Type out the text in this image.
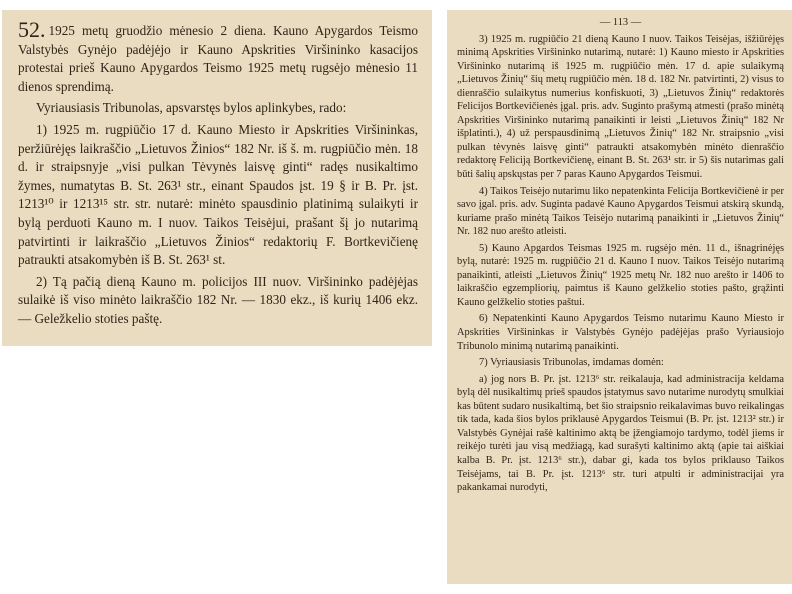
52. 1925 metų gruodžio mėnesio 2 diena. Kauno Apygardos Teismo Valstybės Gynėjo padėjėjo ir Kauno Apskrities Viršininko kasacijos protestai prieš Kauno Apygardos Teismo 1925 metų rugsėjo mėnesio 11 dienos sprendimą.

Vyriausiasis Tribunolas, apsvarstęs bylos aplinkybes, rado:

1) 1925 m. rugpiūčio 17 d. Kauno Miesto ir Apskrities Viršininkas, peržiūrėjęs laikraščio „Lietuvos Žinios“ 182 Nr. iš š. m. rugpiūčio mėn. 18 d. ir straipsnyje „visi pulkan Tėvynės laisvę ginti“ radęs nusikaltimo žymes, numatytas B. St. 263¹ str., einant Spaudos įst. 19 § ir B. Pr. įst. 1213¹⁰ ir 1213¹⁵ str. str. nutarė: minėto spausdinio platinimą sulaikyti ir bylą perduoti Kauno m. I nuov. Taikos Teisėjui, prašant šį jo nutarimą patvirtinti ir laikraščio „Lietuvos Žinios“ redaktorių F. Bortkevičienę patraukti atsakomybėn iš B. St. 263¹ st.

2) Tą pačią dieną Kauno m. policijos III nuov. Viršininko padėjėjas sulaikė iš viso minėto laikraščio 182 Nr. — 1830 ekz., iš kurių 1406 ekz. — Geležkelio stoties paštę.

— 113 —

3) 1925 m. rugpiūčio 21 dieną Kauno I nuov. Taikos Teisėjas, išžiūrėjęs minimą Apskrities Viršininko nutarimą, nutarė: 1) Kauno miesto ir Apskrities Viršininko nutarimą iš 1925 m. rugpiūčio mėn. 17 d. apie sulaikymą „Lietuvos Žinių“ šių metų rugpiūčio mėn. 18 d. 182 Nr. patvirtinti, 2) visus to dienraščio sulaikytus numerius konfiskuoti, 3) „Lietuvos Žinių“ redaktorės Felicijos Bortkevičienės įgal. pris. adv. Suginto prašymą atmesti (prašo minėtą Apskrities Viršininko nutarimą panaikinti ir leisti „Lietuvos Žinių“ 182 Nr išplatinti.), 4) už perspausdinimą „Lietuvos Žinių“ 182 Nr. straipsnio „visi pulkan tėvynės laisvę ginti“ patraukti atsakomybėn minėto dienraščio redaktorę Feliciją Bortkevičienę, einant B. St. 263¹ str. ir 5) šis nutarimas gali būti šalių apskųstas per 7 paras Kauno Apygardos Teismui.

4) Taikos Teisėjo nutarimu liko nepatenkinta Felicija Bortkevičienė ir per savo įgal. pris. adv. Suginta padavė Kauno Apygardos Teismui atskirą skundą, kuriame prašo minėtą Taikos Teisėjo nutarimą panaikinti ir „Lietuvos Žinių“ Nr. 182 nuo arešto atleisti.

5) Kauno Apgardos Teismas 1925 m. rugsėjo mėn. 11 d., išnagrinėjęs bylą, nutarė: 1925 m. rugpiūčio 21 d. Kauno I nuov. Taikos Teisėjo nutarimą panaikinti, atleisti „Lietuvos Žinių“ 1925 metų Nr. 182 nuo arešto ir 1406 to laikraščio egzempliorių, paimtus iš Kauno gelžkelio stoties pašto, grąžinti Kauno gelžkelio stoties paštui.

6) Nepatenkinti Kauno Apygardos Teismo nutarimu Kauno Miesto ir Apskrities Viršininkas ir Valstybės Gynėjo padėjėjas prašo Vyriausiojo Tribunolo minimą nutarimą panaikinti.

7) Vyriausiasis Tribunolas, imdamas domėn:

a) jog nors B. Pr. įst. 1213⁶ str. reikalauja, kad administracija keldama bylą dėl nusikaltimų prieš spaudos įstatymus savo nutarime nurodytų smulkiai kas būtent sudaro nusikaltimą, bet šio straipsnio reikalavimas buvo reikalingas tik tada, kada šios bylos priklausė Apygardos Teismui (B. Pr. įst. 1213² str.) ir Valstybės Gynėjai rašė kaltinimo aktą be įžengiamojo tardymo, todėl jiems ir reikėjo turėti jau visą medžiagą, kad surašyti kaltinimo aktą (apie tai aiškiai kalba B. Pr. įst. 1213⁶ str.), dabar gi, kada tos bylos priklauso Taikos Teisėjams, tai B. Pr. įst. 1213⁶ str. turi atpulti ir administracijai yra pakankamai nurodyti,
